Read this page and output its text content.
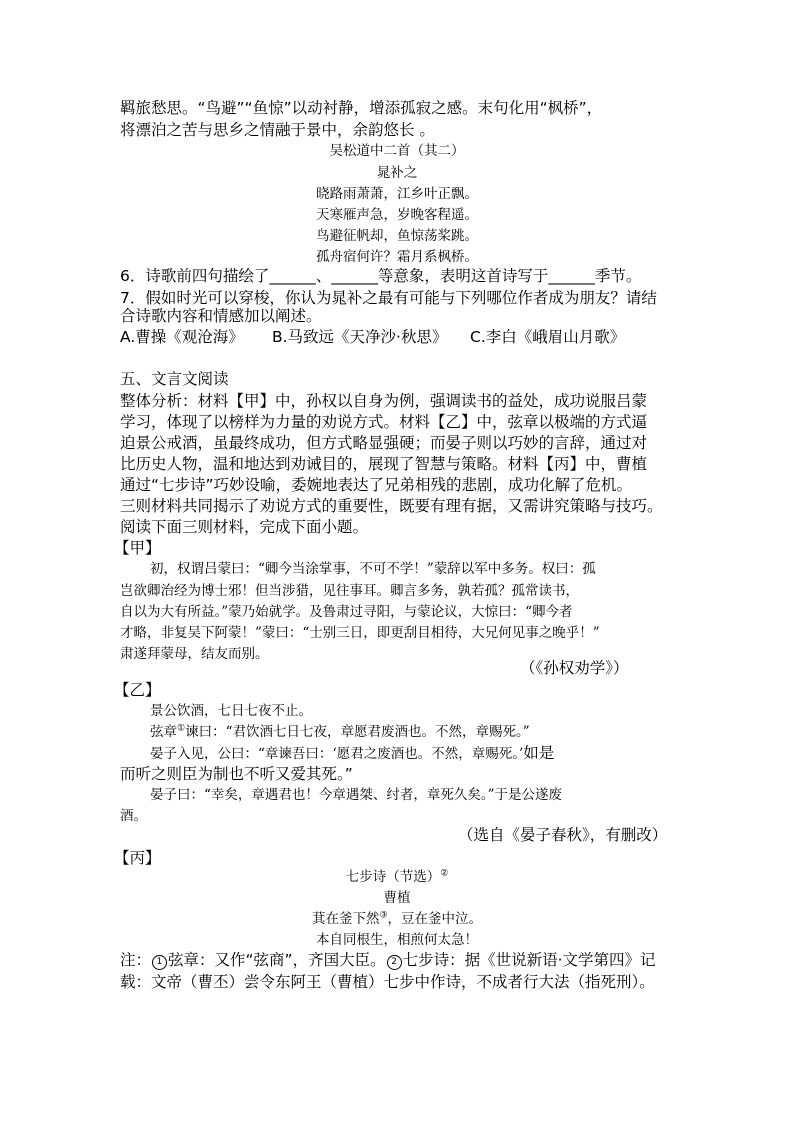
羁旅愁思。“鸟避”“鱼惊”以动衬静，增添孤寂之感。末句化用“枫桥”，
将漂泊之苦与思乡之情融于景中，余韵悠长 。
吴松道中二首（其二）
晁补之
晓路雨萧萧，江乡叶正飘。
天寒雁声急，岁晚客程遥。
鸟避征帆却，鱼惊荡桨跳。
孤舟宿何许？霜月系枫桥。
6．诗歌前四句描绘了______、______等意象，表明这首诗写于______季节。
7．假如时光可以穿梭，你认为晁补之最有可能与下列哪位作者成为朋友？请结
合诗歌内容和情感加以阐述。
A.曹操《观沧海》 B.马致远《天净沙·秋思》 C.李白《峨眉山月歌》
五、文言文阅读
整体分析：材料【甲】中，孙权以自身为例，强调读书的益处，成功说服吕蒙
学习，体现了以榜样为力量的劝说方式。材料【乙】中，弦章以极端的方式逼
迫景公戒酒，虽最终成功，但方式略显强硬；而晏子则以巧妙的言辞，通过对
比历史人物，温和地达到劝诫目的，展现了智慧与策略。材料【丙】中，曹植
通过“七步诗”巧妙设喻，委婉地表达了兄弟相残的悲剧，成功化解了危机。
三则材料共同揭示了劝说方式的重要性，既要有理有据，又需讲究策略与技巧。
阅读下面三则材料，完成下面小题。
【甲】
初，权谓吕蒙曰：“卿今当涂掌事，不可不学！”蒙辞以军中多务。权曰：孤
岂欲卿治经为博士邪！但当涉猎，见往事耳。卿言多务，孰若孤？孤常读书，
自以为大有所益。”蒙乃始就学。及鲁肃过寻阳，与蒙论议，大惊曰：“卿今者
才略，非复吴下阿蒙！”蒙曰：“士别三日，即更刮目相待，大兄何见事之晚乎！”
肃遂拜蒙母，结友而别。
（《孙权劝学》）
【乙】
景公饮酒，七日七夜不止。
弦章①谏曰：“君饮酒七日七夜，章愿君废酒也。不然，章赐死。”
晏子入见，公曰：“章谏吾曰：‘愿君之废酒也。不然，章赐死。’如是
而听之则臣为制也不听又爱其死。”
晏子曰：“幸矣，章遇君也！今章遇桀、纣者，章死久矣。”于是公遂废
酒。
（选自《晏子春秋》，有删改）
【丙】
七步诗（节选）②
曹植
萁在釜下然③，豆在釜中泣。
本自同根生，相煎何太急！
注： 1 弦章：又作“弦商”，齐国大臣。 2 七步诗：据《世说新语·文学第四》记
载：文帝（曹丕）尝令东阿王（曹植）七步中作诗，不成者行大法（指死刑）。
